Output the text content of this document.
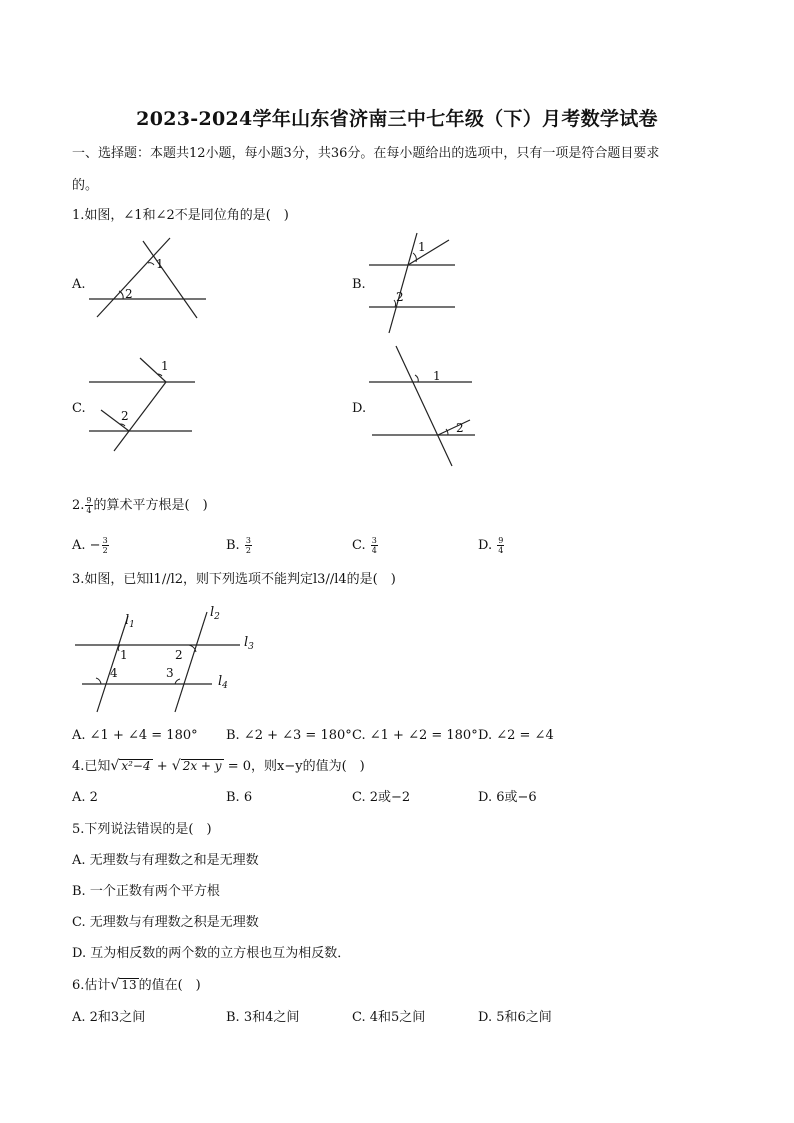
2023-2024学年山东省济南三中七年级（下）月考数学试卷
一、选择题：本题共12小题，每小题3分，共36分。在每小题给出的选项中，只有一项是符合题目要求
的。
1.如图，∠1和∠2不是同位角的是(　)
A.
1
2
B.
1
2
C.
1
2	D.
1
2
2. $\frac{9}{4}$ 的算术平方根是(　)
A. − $\frac{3}{2}$	B. $\frac{3}{2}$	C. $\frac{3}{4}$	D. $\frac{9}{4}$
3.如图，已知l1//l2，则下列选项不能判定l3//l4的是(　)
1	2
3
4
$l_1$
$l_2$
$l_3$
$l_4$
A. ∠1 + ∠4 = 180° B. ∠2 + ∠3 = 180° C. ∠1 + ∠2 = 180° D. ∠2 = ∠4
4.已知√ x²−4 + √ 2x + y = 0，则x−y的值为(　)
A. 2	B. 6	C. 2或−2	D. 6或−6
5.下列说法错误的是(　)
A. 无理数与有理数之和是无理数
B. 一个正数有两个平方根
C. 无理数与有理数之积是无理数
D. 互为相反数的两个数的立方根也互为相反数．
6.估计√ 13 的值在(　)
A. 2和3之间	B. 3和4之间	C. 4和5之间	D. 5和6之间
